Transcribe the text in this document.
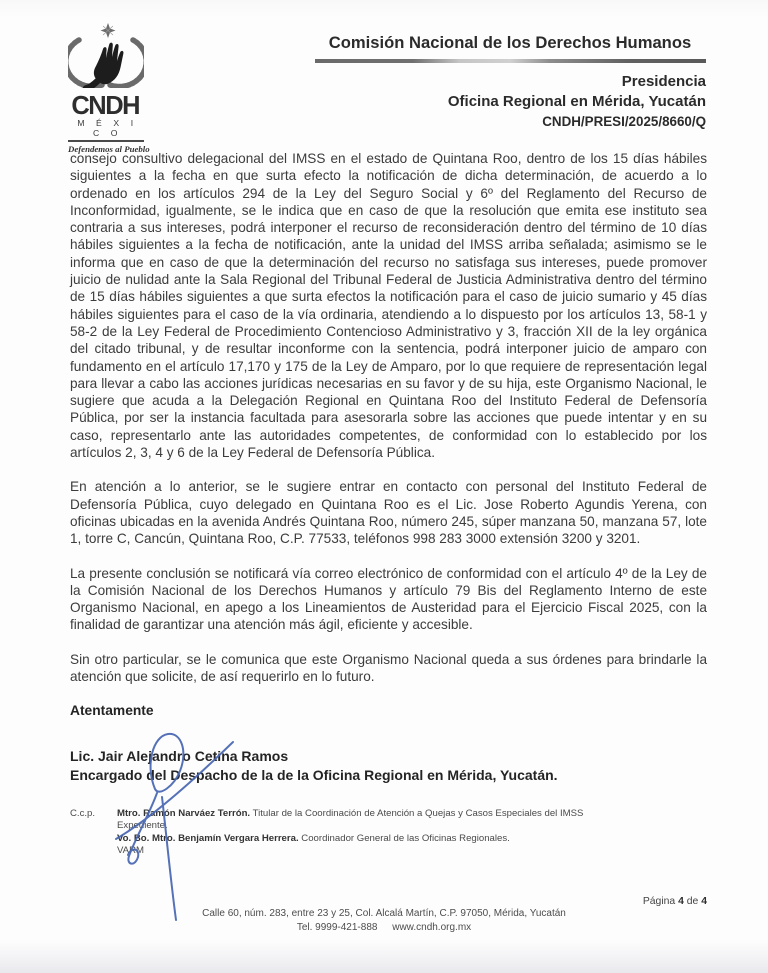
CNDH
M É X I C O
Defendemos al Pueblo
Comisión Nacional de los Derechos Humanos
Presidencia
Oficina Regional en Mérida, Yucatán
CNDH/PRESI/2025/8660/Q

consejo consultivo delegacional del IMSS en el estado de Quintana Roo, dentro de los 15 días hábiles siguientes a la fecha en que surta efecto la notificación de dicha determinación, de acuerdo a lo ordenado en los artículos 294 de la Ley del Seguro Social y 6º del Reglamento del Recurso de Inconformidad, igualmente, se le indica que en caso de que la resolución que emita ese instituto sea contraria a sus intereses, podrá interponer el recurso de reconsideración dentro del término de 10 días hábiles siguientes a la fecha de notificación, ante la unidad del IMSS arriba señalada; asimismo se le informa que en caso de que la determinación del recurso no satisfaga sus intereses, puede promover juicio de nulidad ante la Sala Regional del Tribunal Federal de Justicia Administrativa dentro del término de 15 días hábiles siguientes a que surta efectos la notificación para el caso de juicio sumario y 45 días hábiles siguientes para el caso de la vía ordinaria, atendiendo a lo dispuesto por los artículos 13, 58-1 y 58-2 de la Ley Federal de Procedimiento Contencioso Administrativo y 3, fracción XII de la ley orgánica del citado tribunal, y de resultar inconforme con la sentencia, podrá interponer juicio de amparo con fundamento en el artículo 17,170 y 175 de la Ley de Amparo, por lo que requiere de representación legal para llevar a cabo las acciones jurídicas necesarias en su favor y de su hija, este Organismo Nacional, le sugiere que acuda a la Delegación Regional en Quintana Roo del Instituto Federal de Defensoría Pública, por ser la instancia facultada para asesorarla sobre las acciones que puede intentar y en su caso, representarlo ante las autoridades competentes, de conformidad con lo establecido por los artículos 2, 3, 4 y 6 de la Ley Federal de Defensoría Pública.

En atención a lo anterior, se le sugiere entrar en contacto con personal del Instituto Federal de Defensoría Pública, cuyo delegado en Quintana Roo es el Lic. Jose Roberto Agundis Yerena, con oficinas ubicadas en la avenida Andrés Quintana Roo, número 245, súper manzana 50, manzana 57, lote 1, torre C, Cancún, Quintana Roo, C.P. 77533, teléfonos 998 283 3000 extensión 3200 y 3201.

La presente conclusión se notificará vía correo electrónico de conformidad con el artículo 4º de la Ley de la Comisión Nacional de los Derechos Humanos y artículo 79 Bis del Reglamento Interno de este Organismo Nacional, en apego a los Lineamientos de Austeridad para el Ejercicio Fiscal 2025, con la finalidad de garantizar una atención más ágil, eficiente y accesible.

Sin otro particular, se le comunica que este Organismo Nacional queda a sus órdenes para brindarle la atención que solicite, de así requerirlo en lo futuro.

Atentamente
Lic. Jair Alejandro Cetina Ramos
Encargado del Despacho de la de la Oficina Regional en Mérida, Yucatán.
C.c.p. Mtro. Ramón Narváez Terrón. Titular de la Coordinación de Atención a Quejas y Casos Especiales del IMSS Expediente.
Vo. Bo. Mtro. Benjamín Vergara Herrera. Coordinador General de las Oficinas Regionales.
VARM
Página 4 de 4
Calle 60, núm. 283, entre 23 y 25, Col. Alcalá Martín, C.P. 97050, Mérida, Yucatán
Tel. 9999-421-888 www.cndh.org.mx
